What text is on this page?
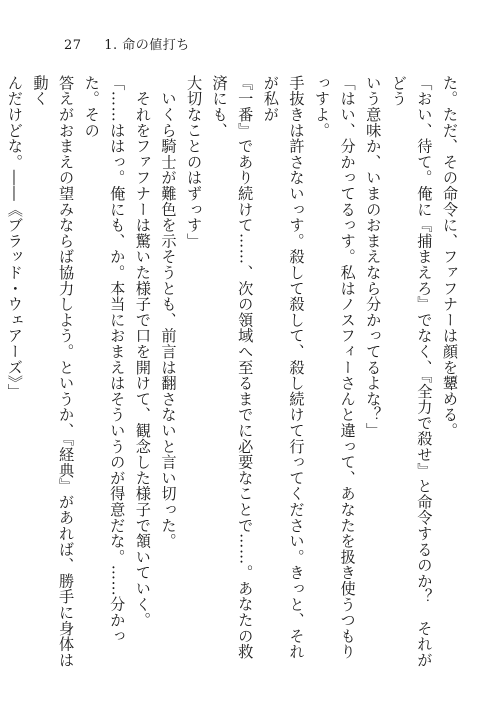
27 1. 命の値打ち

た。ただ、その命令に、ファフナーは顔を顰める。

「おい、待て。俺に『捕まえろ』でなく、『全力で殺せ』と命令するのか？　それがどう

いう意味か、いまのおまえなら分かってるよな？」

「はい、分かってるっす。私はノスフィーさんと違って、あなたを扱き使うつもりっすよ。

手抜きは許さないっす。殺して殺して、殺し続けて行ってください。きっと、それが私が

『一番』であり続けて……、次の領域へ至るまでに必要なことで……。あなたの救済にも、

大切なことのはずっす」

　いくら騎士が難色を示そうとも、前言は翻さないと言い切った。

　それをファフナーは驚いた様子で口を開けて、観念した様子で頷いていく。

「……ははっ。俺にも、か。本当におまえはそういうのが得意だな。……分かった。その

答えがおまえの望みならば協力しよう。というか、『経典』があれば、勝手に身体は動く

んだけどな。――《ブラッド・ウェアーズ》」
